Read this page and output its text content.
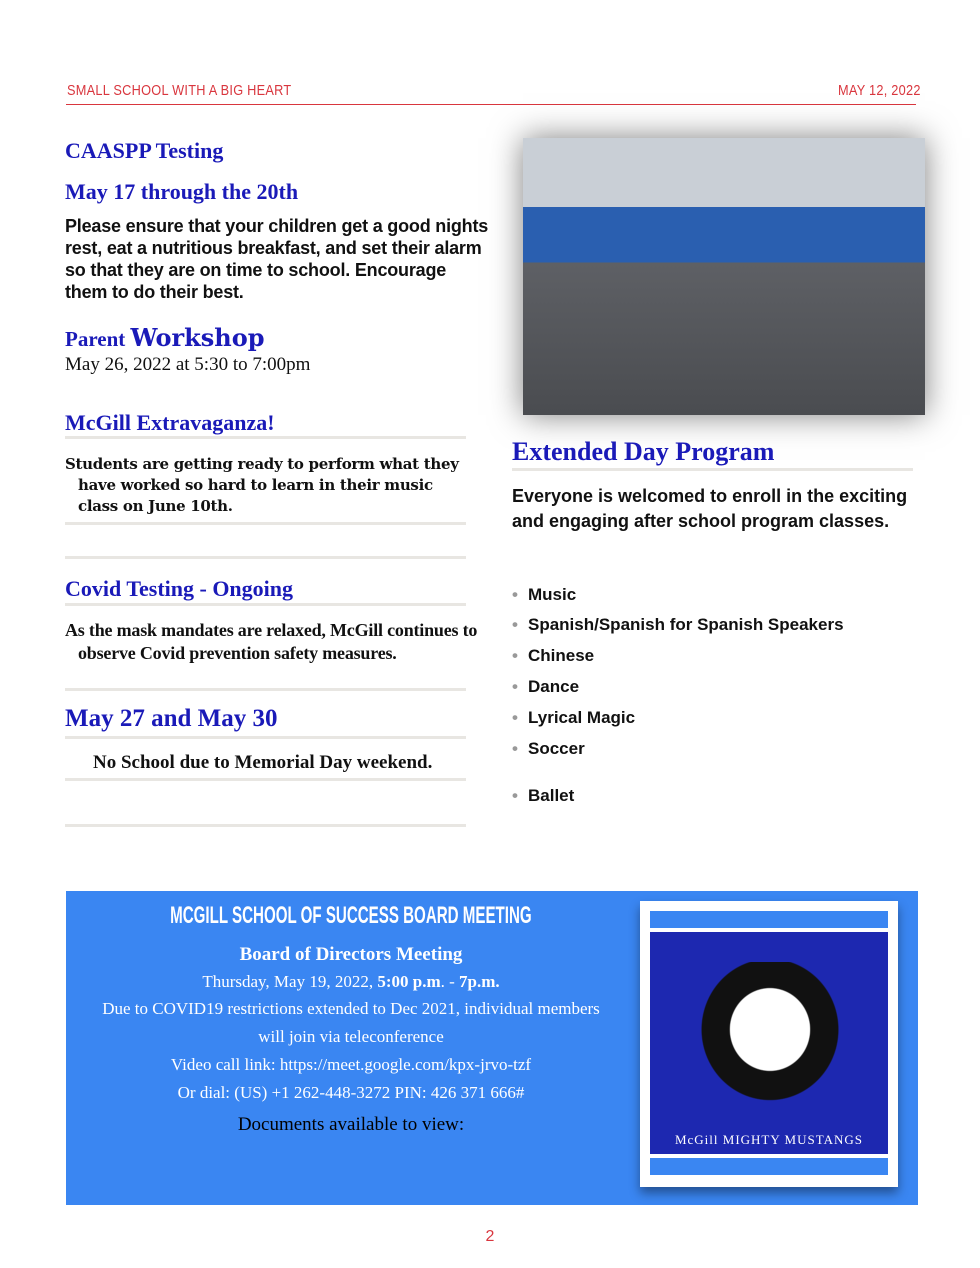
SMALL SCHOOL WITH A BIG HEART	MAY 12, 2022
CAASPP Testing
May 17 through the 20th
Please ensure that your children get a good nights rest, eat a nutritious breakfast, and set their alarm so that they are on time to school. Encourage them to do their best.
Parent Workshop
May 26, 2022 at 5:30 to 7:00pm
McGill Extravaganza!
Students are getting ready to perform what they have worked so hard to learn in their music class on June 10th.
Covid Testing - Ongoing
As the mask mandates are relaxed, McGill continues to observe Covid prevention safety measures.
May 27 and May 30
No School due to Memorial Day weekend.
Extended Day Program
Everyone is welcomed to enroll in the exciting and engaging after school program classes.
• Music
• Spanish/Spanish for Spanish Speakers
• Chinese
• Dance
• Lyrical Magic
• Soccer
• Ballet
MCGILL SCHOOL OF SUCCESS BOARD MEETING
Board of Directors Meeting
Thursday, May 19, 2022, 5:00 p.m. - 7p.m.
Due to COVID19 restrictions extended to Dec 2021, individual members
will join via teleconference
Video call link: https://meet.google.com/kpx-jrvo-tzf
Or dial: (US) +1 262-448-3272 PIN: 426 371 666#
Documents available to view:
McGill MIGHTY MUSTANGS
2
